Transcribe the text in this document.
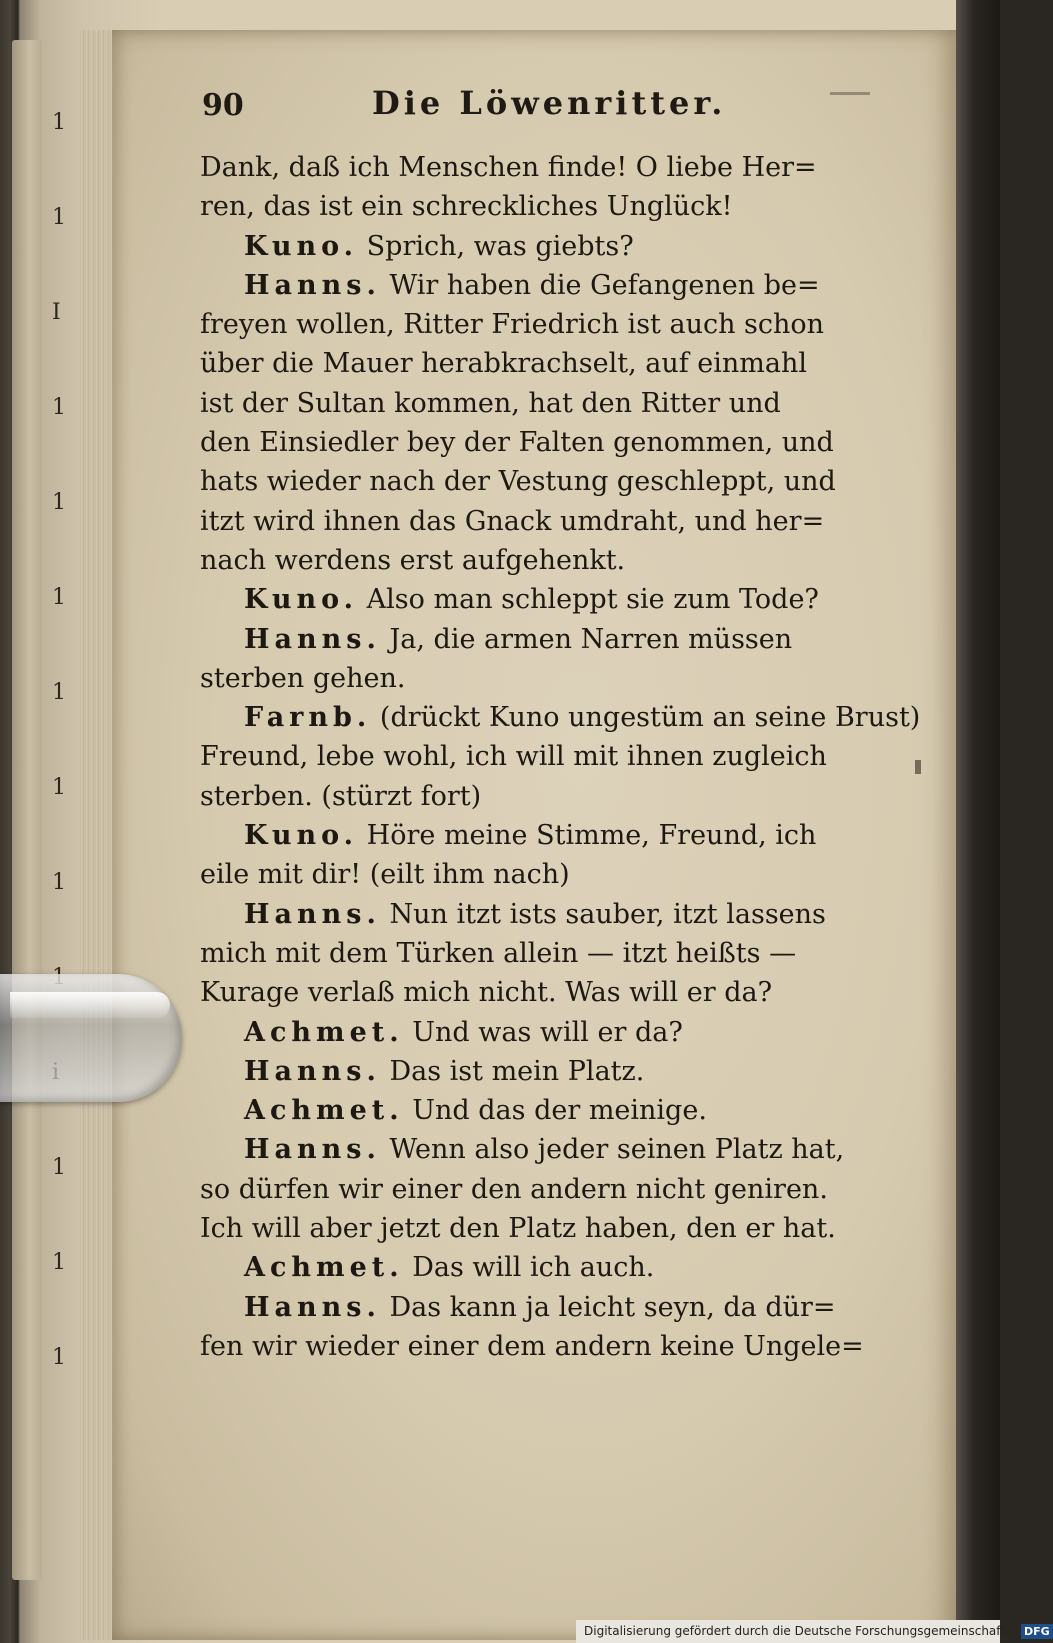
1
1
I
1
1
1
1
1
1
1
1
1
90	Die Löwenritter.
Dank, daß ich Menschen finde! O liebe Her=
ren, das ist ein schreckliches Unglück!
Kuno. Sprich, was giebts?
Hanns. Wir haben die Gefangenen be=
freyen wollen, Ritter Friedrich ist auch schon
über die Mauer herabkrachselt, auf einmahl
ist der Sultan kommen, hat den Ritter und
den Einsiedler bey der Falten genommen, und
hats wieder nach der Vestung geschleppt, und
itzt wird ihnen das Gnack umdraht, und her=
nach werdens erst aufgehenkt.
Kuno. Also man schleppt sie zum Tode?
Hanns. Ja, die armen Narren müssen
sterben gehen.
Farnb. (drückt Kuno ungestüm an seine Brust)
Freund, lebe wohl, ich will mit ihnen zugleich
sterben. (stürzt fort)
Kuno. Höre meine Stimme, Freund, ich
eile mit dir! (eilt ihm nach)
Hanns. Nun itzt ists sauber, itzt lassens
mich mit dem Türken allein — itzt heißts —
Kurage verlaß mich nicht. Was will er da?
Achmet. Und was will er da?
Hanns. Das ist mein Platz.
Achmet. Und das der meinige.
Hanns. Wenn also jeder seinen Platz hat,
so dürfen wir einer den andern nicht geniren.
Ich will aber jetzt den Platz haben, den er hat.
Achmet. Das will ich auch.
Hanns. Das kann ja leicht seyn, da dür=
fen wir wieder einer dem andern keine Ungele=
Digitalisierung gefördert durch die Deutsche Forschungsgemeinschaft - DFG
